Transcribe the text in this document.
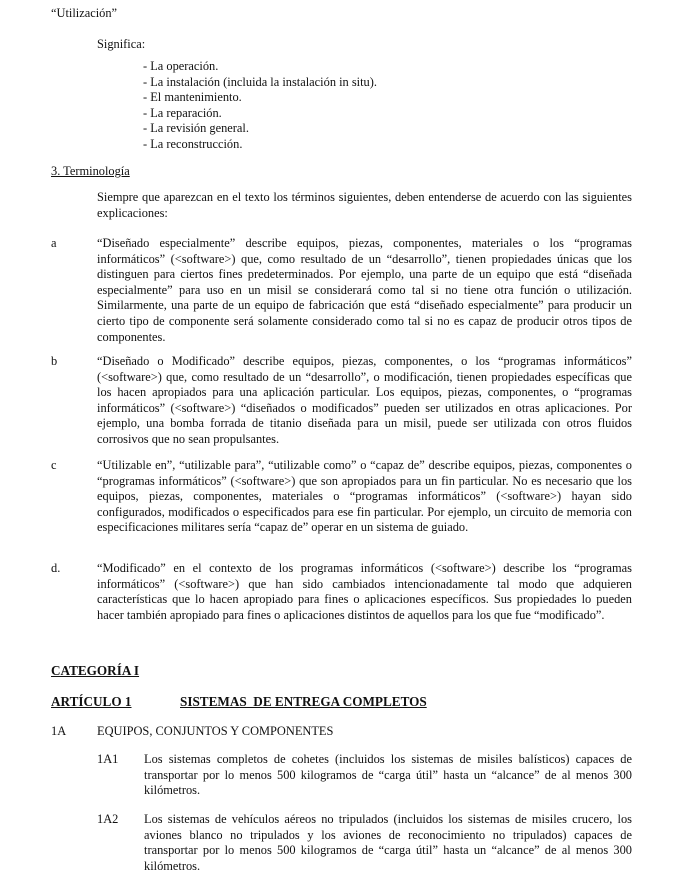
“Utilización”
Significa:
- La operación.
- La instalación (incluida la instalación in situ).
- El mantenimiento.
- La reparación.
- La revisión general.
- La reconstrucción.
3. Terminología
Siempre que aparezcan en el texto los términos siguientes, deben entenderse de acuerdo con las siguientes explicaciones:
a	“Diseñado especialmente” describe equipos, piezas, componentes, materiales o los “programas informáticos” (<software>) que, como resultado de un “desarrollo”, tienen propiedades únicas que los distinguen para ciertos fines predeterminados. Por ejemplo, una parte de un equipo que está “diseñada especialmente” para uso en un misil se considerará como tal si no tiene otra función o utilización. Similarmente, una parte de un equipo de fabricación que está “diseñado especialmente” para producir un cierto tipo de componente será solamente considerado como tal si no es capaz de producir otros tipos de componentes.
b	“Diseñado o Modificado” describe equipos, piezas, componentes, o los “programas informáticos” (<software>) que, como resultado de un “desarrollo”, o modificación, tienen propiedades específicas que los hacen apropiados para una aplicación particular. Los equipos, piezas, componentes, o “programas informáticos” (<software>) “diseñados o modificados” pueden ser utilizados en otras aplicaciones. Por ejemplo, una bomba forrada de titanio diseñada para un misil, puede ser utilizada con otros fluidos corrosivos que no sean propulsantes.
c	“Utilizable en”, “utilizable para”, “utilizable como” o “capaz de” describe equipos, piezas, componentes o “programas informáticos” (<software>) que son apropiados para un fin particular. No es necesario que los equipos, piezas, componentes, materiales o “programas informáticos” (<software>) hayan sido configurados, modificados o especificados para ese fin particular. Por ejemplo, un circuito de memoria con especificaciones militares sería “capaz de” operar en un sistema de guiado.
d.	“Modificado” en el contexto de los programas informáticos (<software>) describe los “programas informáticos” (<software>) que han sido cambiados intencionadamente tal modo que adquieren características que lo hacen apropiado para fines o aplicaciones específicos. Sus propiedades lo pueden hacer también apropiado para fines o aplicaciones distintos de aquellos para los que fue “modificado”.
CATEGORÍA I
ARTÍCULO 1	SISTEMAS  DE ENTREGA COMPLETOS
1A EQUIPOS, CONJUNTOS Y COMPONENTES
1A1 Los sistemas completos de cohetes (incluidos los sistemas de misiles balísticos) capaces de transportar por lo menos 500 kilogramos de “carga útil” hasta un “alcance” de al menos 300 kilómetros.
1A2 Los sistemas de vehículos aéreos no tripulados (incluidos los sistemas de misiles crucero, los aviones blanco no tripulados y los aviones de reconocimiento no tripulados) capaces de transportar por lo menos 500 kilogramos de “carga útil” hasta un “alcance” de al menos 300 kilómetros.
